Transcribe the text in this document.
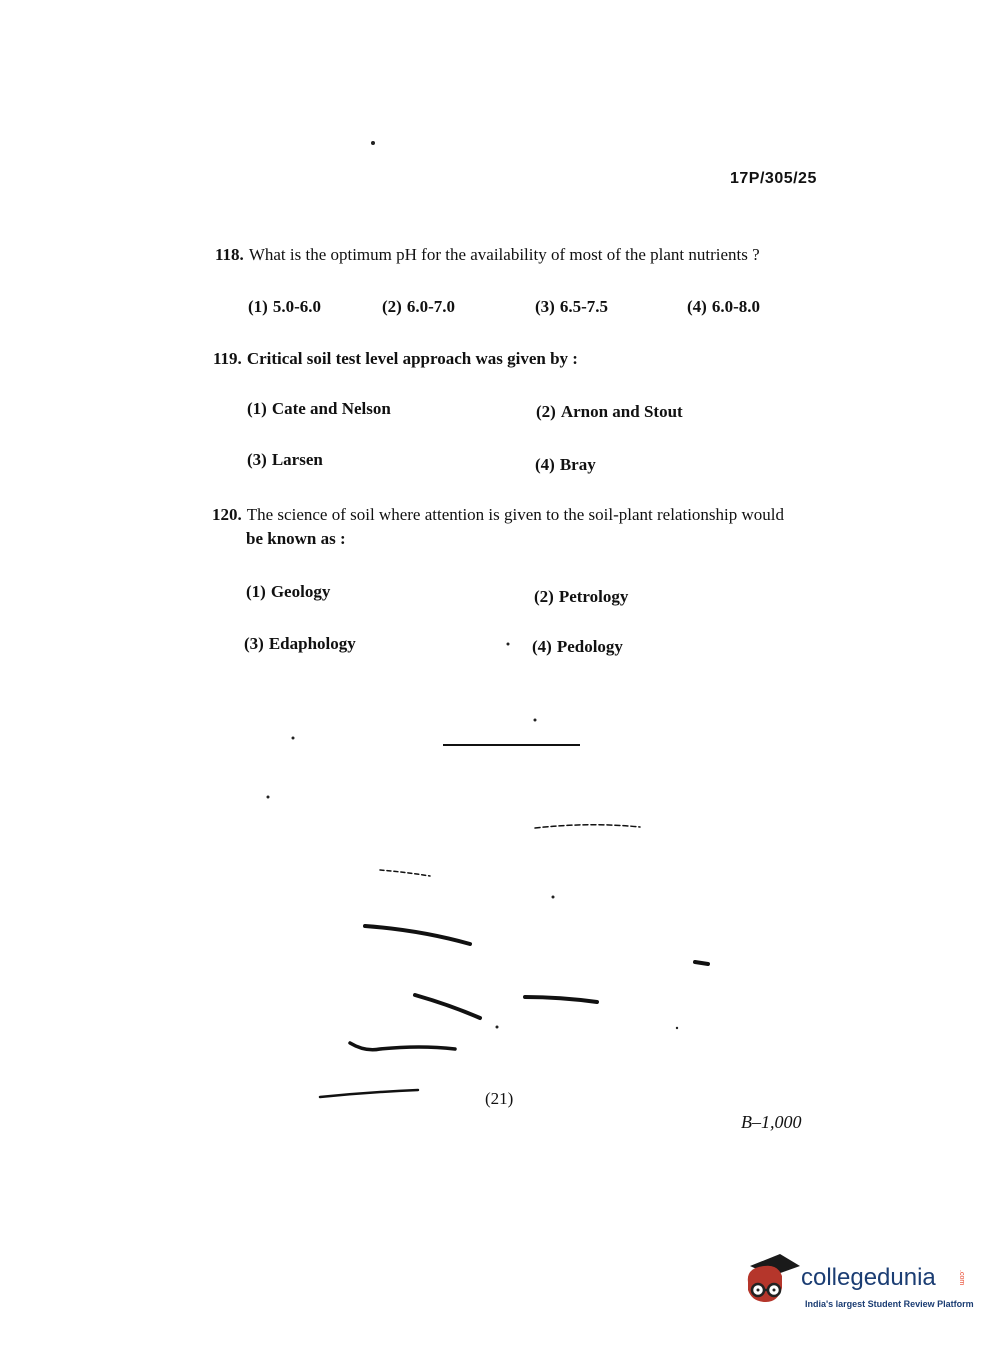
17P/305/25
118. What is the optimum pH for the availability of most of the plant nutrients ?
(1) 5.0-6.0	(2) 6.0-7.0	(3) 6.5-7.5	(4) 6.0-8.0
119. Critical soil test level approach was given by :
(1) Cate and Nelson	(2) Arnon and Stout
(3) Larsen	(4) Bray
120. The science of soil where attention is given to the soil-plant relationship would
be known as :
(1) Geology	(2) Petrology
(3) Edaphology	(4) Pedology
(21)
B–1,000
collegedunia	.com
India's largest Student Review Platform
